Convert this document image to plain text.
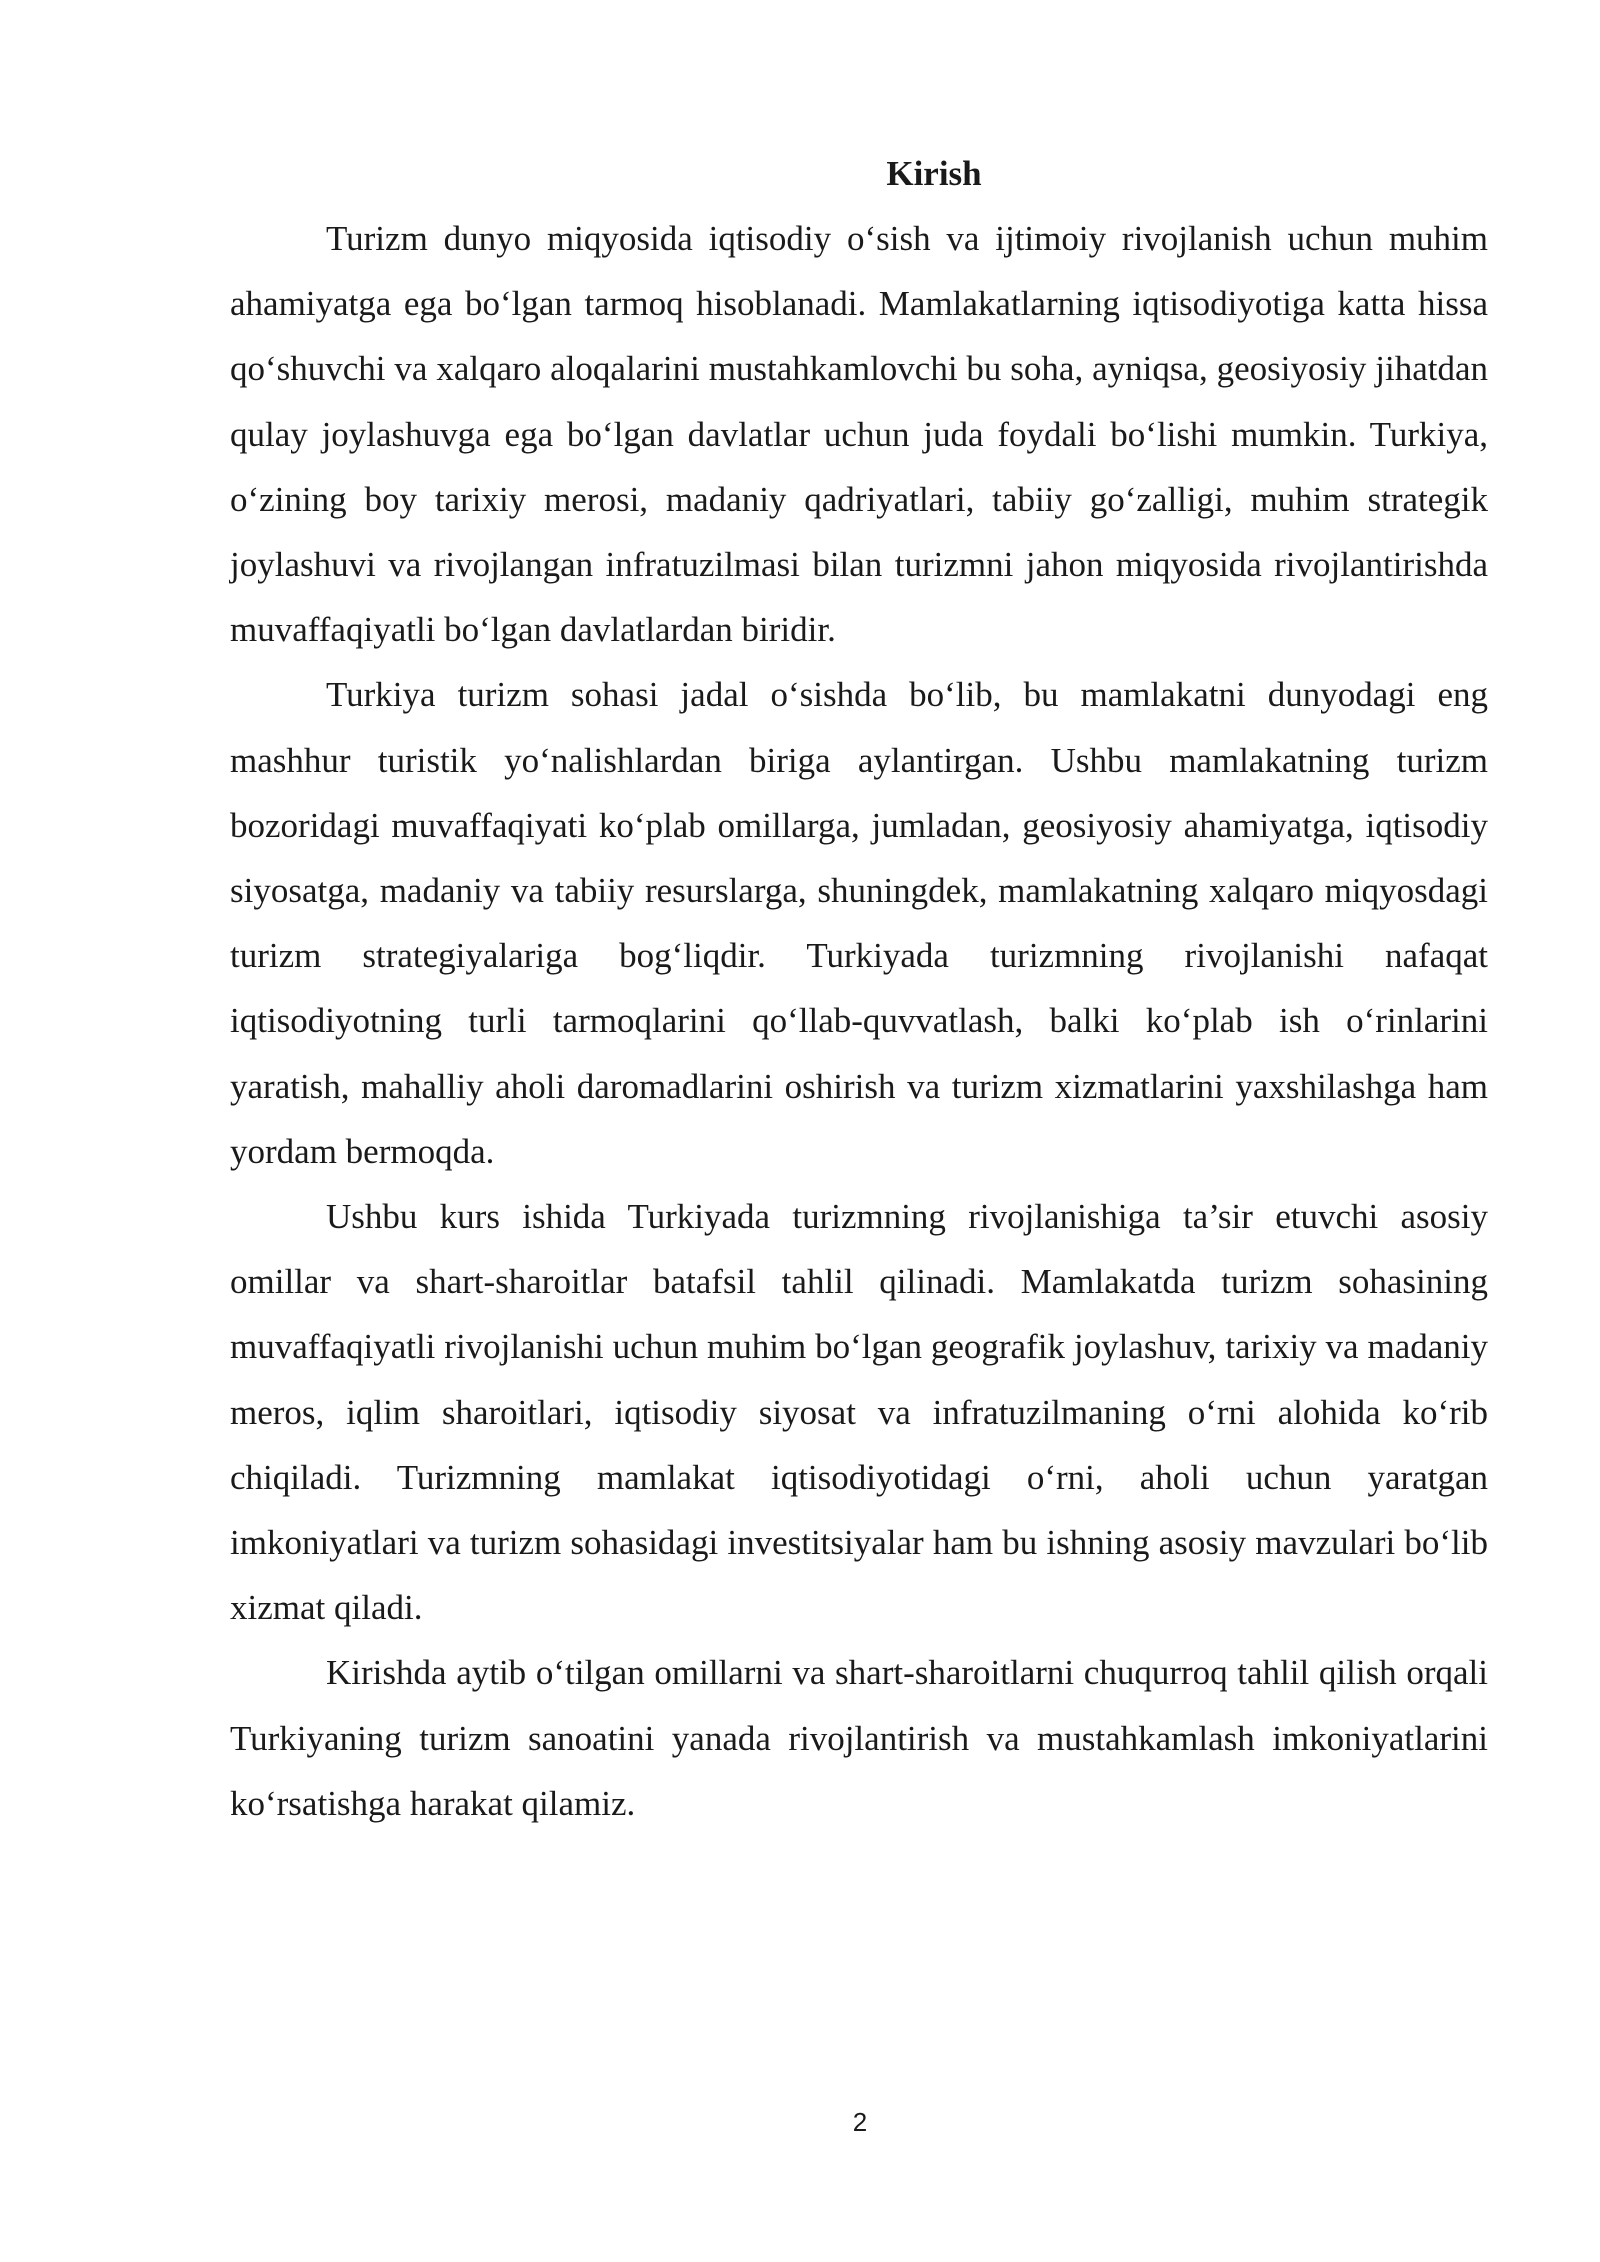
Kirish

Turizm dunyo miqyosida iqtisodiy o‘sish va ijtimoiy rivojlanish uchun muhim ahamiyatga ega bo‘lgan tarmoq hisoblanadi. Mamlakatlarning iqtisodiyotiga katta hissa qo‘shuvchi va xalqaro aloqalarini mustahkamlovchi bu soha, ayniqsa, geosiyosiy jihatdan qulay joylashuvga ega bo‘lgan davlatlar uchun juda foydali bo‘lishi mumkin. Turkiya, o‘zining boy tarixiy merosi, madaniy qadriyatlari, tabiiy go‘zalligi, muhim strategik joylashuvi va rivojlangan infratuzilmasi bilan turizmni jahon miqyosida rivojlantirishda muvaffaqiyatli bo‘lgan davlatlardan biridir.

Turkiya turizm sohasi jadal o‘sishda bo‘lib, bu mamlakatni dunyodagi eng mashhur turistik yo‘nalishlardan biriga aylantirgan. Ushbu mamlakatning turizm bozoridagi muvaffaqiyati ko‘plab omillarga, jumladan, geosiyosiy ahamiyatga, iqtisodiy siyosatga, madaniy va tabiiy resurslarga, shuningdek, mamlakatning xalqaro miqyosdagi turizm strategiyalariga bog‘liqdir. Turkiyada turizmning rivojlanishi nafaqat iqtisodiyotning turli tarmoqlarini qo‘llab-quvvatlash, balki ko‘plab ish o‘rinlarini yaratish, mahalliy aholi daromadlarini oshirish va turizm xizmatlarini yaxshilashga ham yordam bermoqda.

Ushbu kurs ishida Turkiyada turizmning rivojlanishiga ta’sir etuvchi asosiy omillar va shart-sharoitlar batafsil tahlil qilinadi. Mamlakatda turizm sohasining muvaffaqiyatli rivojlanishi uchun muhim bo‘lgan geografik joylashuv, tarixiy va madaniy meros, iqlim sharoitlari, iqtisodiy siyosat va infratuzilmaning o‘rni alohida ko‘rib chiqiladi. Turizmning mamlakat iqtisodiyotidagi o‘rni, aholi uchun yaratgan imkoniyatlari va turizm sohasidagi investitsiyalar ham bu ishning asosiy mavzulari bo‘lib xizmat qiladi.

Kirishda aytib o‘tilgan omillarni va shart-sharoitlarni chuqurroq tahlil qilish orqali Turkiyaning turizm sanoatini yanada rivojlantirish va mustahkamlash imkoniyatlarini ko‘rsatishga harakat qilamiz.

2
